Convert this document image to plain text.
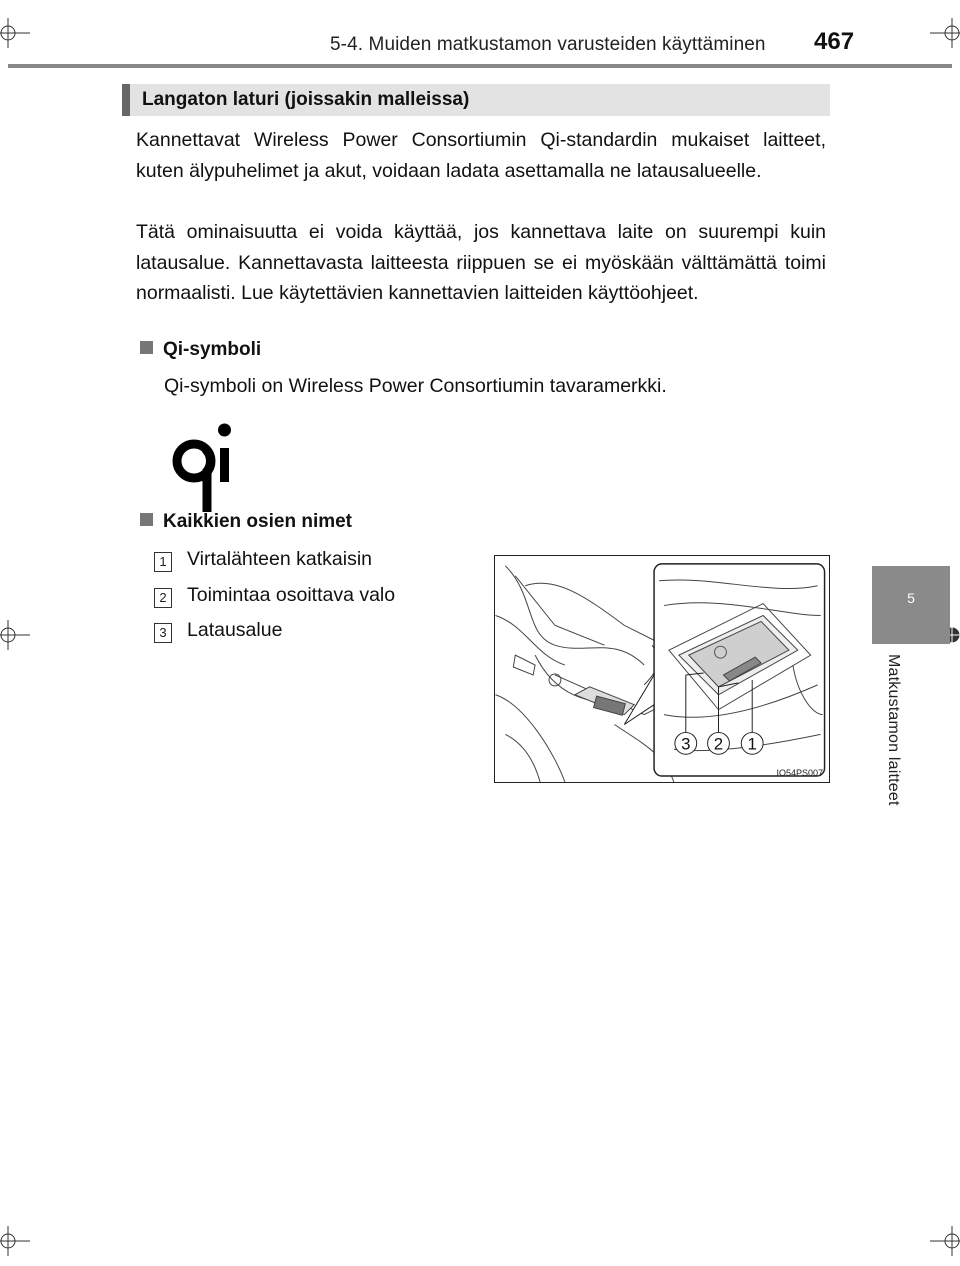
5-4. Muiden matkustamon varusteiden käyttäminen 467
5
Matkustamon laitteet
Langaton laturi (joissakin malleissa)
Kannettavat Wireless Power Consortiumin Qi-standardin mukaiset laitteet, kuten älypuhelimet ja akut, voidaan ladata asettamalla ne latausalueelle.
Tätä ominaisuutta ei voida käyttää, jos kannettava laite on suurempi kuin latausalue. Kannettavasta laitteesta riippuen se ei myöskään välttämättä toimi normaalisti. Lue käytettävien kannettavien laitteiden käyttöohjeet.
Qi-symboli
Qi-symboli on Wireless Power Consortiumin tavaramerkki.
Kaikkien osien nimet
1 Virtalähteen katkaisin
2 Toimintaa osoittava valo
3 Latausalue
3 2 1
IO54PS007
